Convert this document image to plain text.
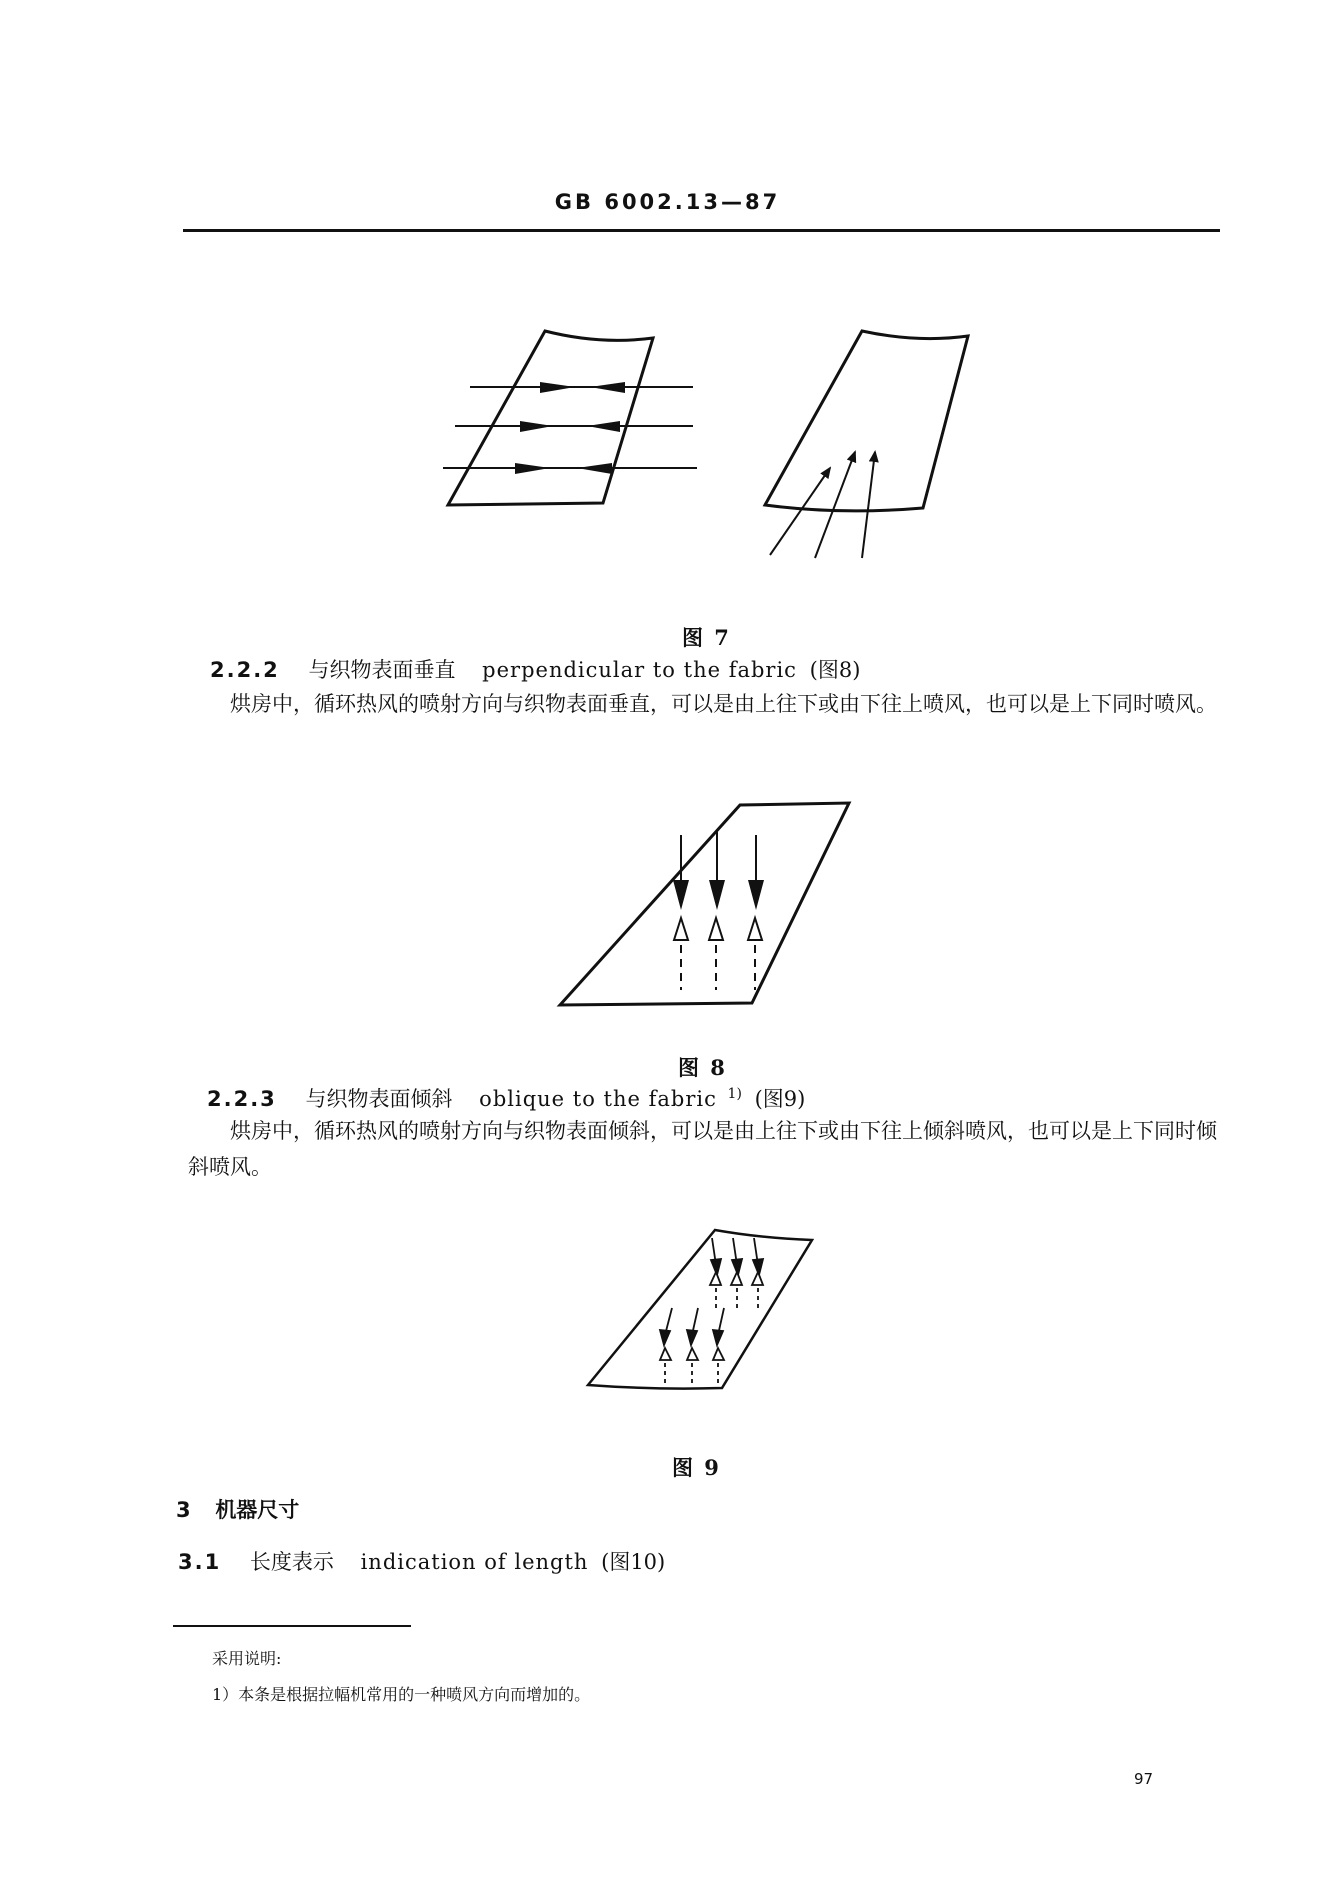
GB 6002.13—87
图 7
2.2.2 与织物表面垂直 perpendicular to the fabric (图8)
烘房中，循环热风的喷射方向与织物表面垂直，可以是由上往下或由下往上喷风，也可以是上下同时喷风。
图 8
2.2.3 与织物表面倾斜 oblique to the fabric $^{1)}$ (图9)
烘房中，循环热风的喷射方向与织物表面倾斜，可以是由上往下或由下往上倾斜喷风，也可以是上下同时倾斜喷风。
图 9
3 机器尺寸
3.1 长度表示 indication of length (图10)
采用说明:
1）本条是根据拉幅机常用的一种喷风方向而增加的。
97
